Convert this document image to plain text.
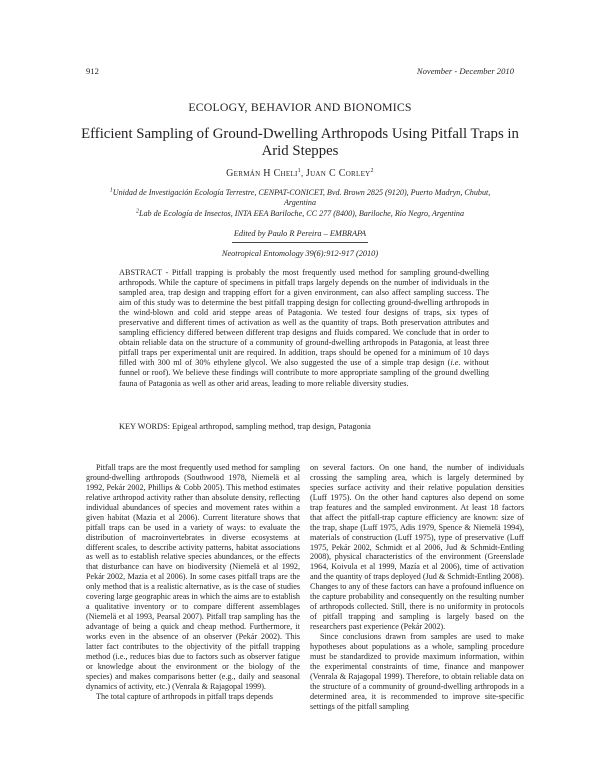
912	November - December 2010
ECOLOGY, BEHAVIOR AND BIONOMICS
Efficient Sampling of Ground-Dwelling Arthropods Using Pitfall Traps in Arid Steppes
Germán H Cheli$^1$, Juan C Corley$^2$

$^1$Unidad de Investigación Ecología Terrestre, CENPAT-CONICET, Bvd. Brown 2825 (9120), Puerto Madryn, Chubut, Argentina

$^2$Lab de Ecología de Insectos, INTA EEA Bariloche, CC 277 (8400), Bariloche, Río Negro, Argentina

Edited by Paulo R Pereira – EMBRAPA
Neotropical Entomology 39(6):912-917 (2010)
ABSTRACT - Pitfall trapping is probably the most frequently used method for sampling ground-dwelling arthropods. While the capture of specimens in pitfall traps largely depends on the number of individuals in the sampled area, trap design and trapping effort for a given environment, can also affect sampling success. The aim of this study was to determine the best pitfall trapping design for collecting ground-dwelling arthropods in the wind-blown and cold arid steppe areas of Patagonia. We tested four designs of traps, six types of preservative and different times of activation as well as the quantity of traps. Both preservation attributes and sampling efficiency differed between different trap designs and fluids compared. We conclude that in order to obtain reliable data on the structure of a community of ground-dwelling arthropods in Patagonia, at least three pitfall traps per experimental unit are required. In addition, traps should be opened for a minimum of 10 days filled with 300 ml of 30% ethylene glycol. We also suggested the use of a simple trap design (i.e. without funnel or roof). We believe these findings will contribute to more appropriate sampling of the ground dwelling fauna of Patagonia as well as other arid areas, leading to more reliable diversity studies.
KEY WORDS: Epigeal arthropod, sampling method, trap design, Patagonia

Pitfall traps are the most frequently used method for sampling ground-dwelling arthropods (Southwood 1978, Niemelä et al 1992, Pekár 2002, Phillips & Cobb 2005). This method estimates relative arthropod activity rather than absolute density, reflecting individual abundances of species and movement rates within a given habitat (Mazia et al 2006). Current literature shows that pitfall traps can be used in a variety of ways: to evaluate the distribution of macroinvertebrates in diverse ecosystems at different scales, to describe activity patterns, habitat associations as well as to establish relative species abundances, or the effects that disturbance can have on biodiversity (Niemelä et al 1992, Pekár 2002, Mazia et al 2006). In some cases pitfall traps are the only method that is a realistic alternative, as is the case of studies covering large geographic areas in which the aims are to establish a qualitative inventory or to compare different assemblages (Niemelä et al 1993, Pearsal 2007). Pitfall trap sampling has the advantage of being a quick and cheap method. Furthermore, it works even in the absence of an observer (Pekár 2002). This latter fact contributes to the objectivity of the pitfall trapping method (i.e., reduces bias due to factors such as observer fatigue or knowledge about the environment or the biology of the species) and makes comparisons better (e.g., daily and seasonal dynamics of activity, etc.) (Venrala & Rajagopal 1999).

The total capture of arthropods in pitfall traps depends

on several factors. On one hand, the number of individuals crossing the sampling area, which is largely determined by species surface activity and their relative population densities (Luff 1975). On the other hand captures also depend on some trap features and the sampled environment. At least 18 factors that affect the pitfall-trap capture efficiency are known: size of the trap, shape (Luff 1975, Adis 1979, Spence & Niemelä 1994), materials of construction (Luff 1975), type of preservative (Luff 1975, Pekár 2002, Schmidt et al 2006, Jud & Schmidt-Entling 2008), physical characteristics of the environment (Greenslade 1964, Koivula et al 1999, Mazía et al 2006), time of activation and the quantity of traps deployed (Jud & Schmidt-Entling 2008). Changes to any of these factors can have a profound influence on the capture probability and consequently on the resulting number of arthropods collected. Still, there is no uniformity in protocols of pitfall trapping and sampling is largely based on the researchers past experience (Pekár 2002).

Since conclusions drawn from samples are used to make hypotheses about populations as a whole, sampling procedure must be standardized to provide maximum information, within the experimental constraints of time, finance and manpower (Venrala & Rajagopal 1999). Therefore, to obtain reliable data on the structure of a community of ground-dwelling arthropods in a determined area, it is recommended to improve site-specific settings of the pitfall sampling
